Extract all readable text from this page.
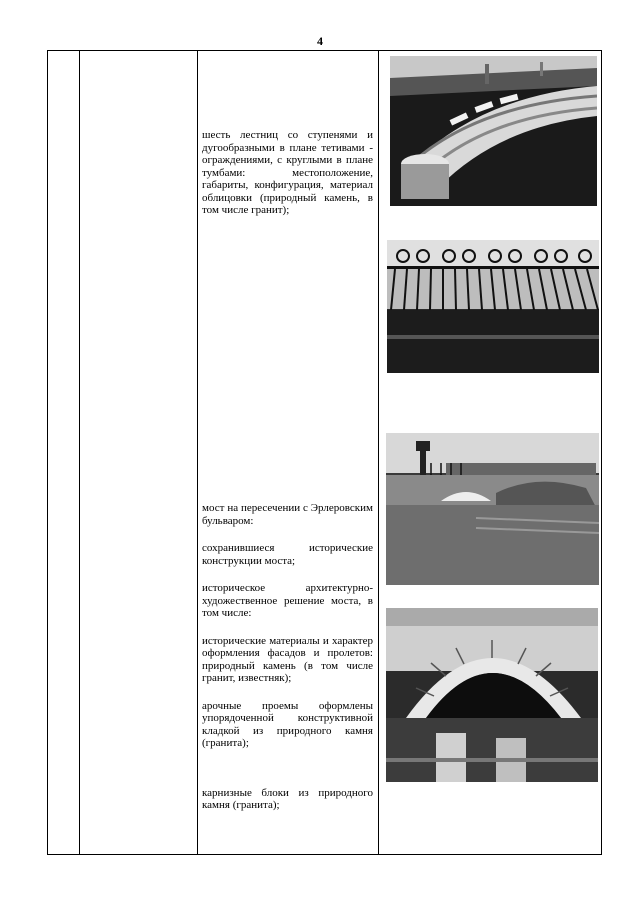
4

шесть лестниц со ступенями и дугообразными в плане тетивами - ограждениями, с круглыми в плане тумбами: местоположение, габариты, конфигурация, материал облицовки (природный камень, в том числе гранит);

мост на пересечении с Эрлеровским бульваром:

сохранившиеся исторические конструкции моста;

историческое архитектурно-художественное решение моста, в том числе:

исторические материалы и характер оформления фасадов и пролетов: природный камень (в том числе гранит, известняк);

арочные проемы оформлены упорядоченной конструктивной кладкой из природного камня (гранита);

карнизные блоки из природного камня (гранита);
